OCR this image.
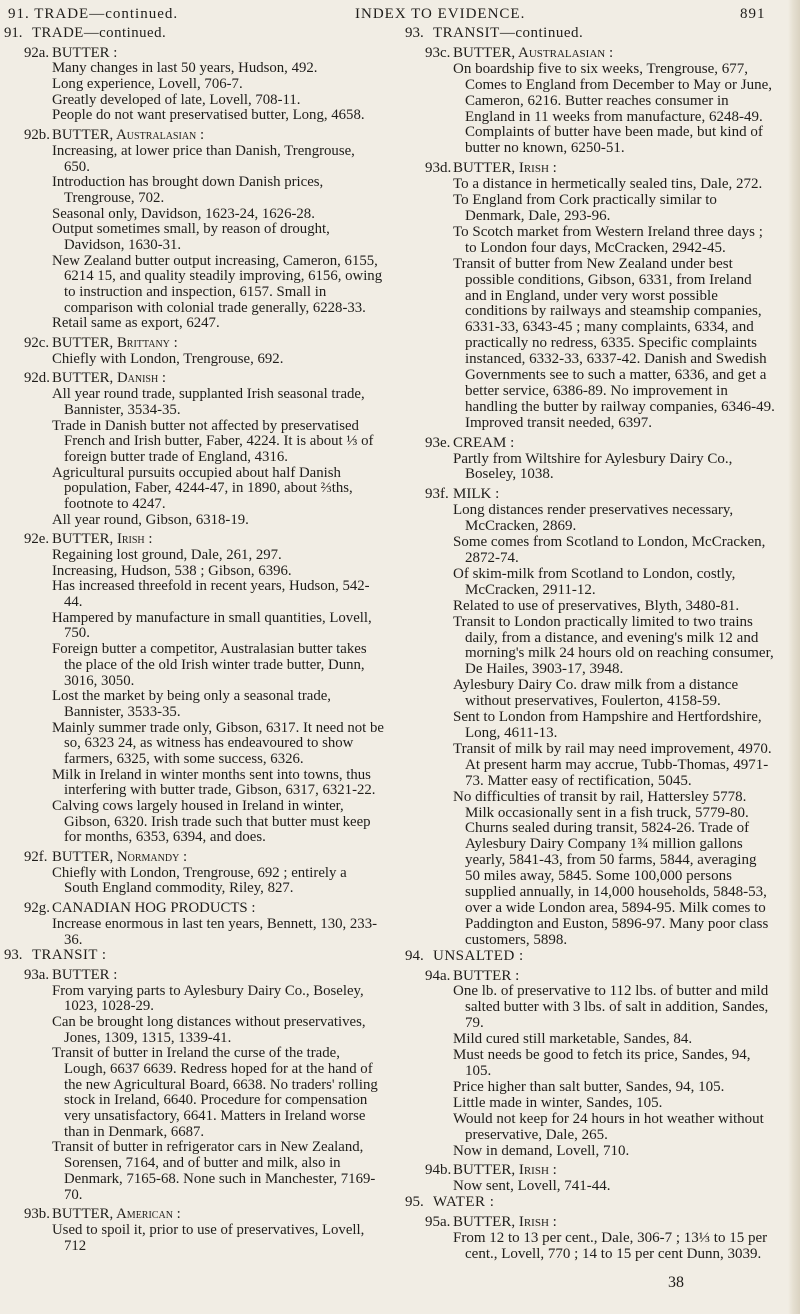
91. TRADE—continued.	INDEX TO EVIDENCE.	891
91. TRADE—continued.
92a. BUTTER :
Many changes in last 50 years, Hudson, 492.
Long experience, Lovell, 706-7.
Greatly developed of late, Lovell, 708-11.
People do not want preservatised butter, Long, 4658.
92b. BUTTER, Australasian :
Increasing, at lower price than Danish, Trengrouse, 650.
Introduction has brought down Danish prices, Trengrouse, 702.
Seasonal only, Davidson, 1623-24, 1626-28.
Output sometimes small, by reason of drought, Davidson, 1630-31.
New Zealand butter output increasing, Cameron, 6155, 6214 15, and quality steadily improving, 6156, owing to instruction and inspection, 6157. Small in comparison with colonial trade generally, 6228-33.
Retail same as export, 6247.
92c. BUTTER, Brittany :
Chiefly with London, Trengrouse, 692.
92d. BUTTER, Danish :
All year round trade, supplanted Irish seasonal trade, Bannister, 3534-35.
Trade in Danish butter not affected by preservatised French and Irish butter, Faber, 4224. It is about ⅓ of foreign butter trade of England, 4316.
Agricultural pursuits occupied about half Danish population, Faber, 4244-47, in 1890, about ⅔ths, footnote to 4247.
All year round, Gibson, 6318-19.
92e. BUTTER, Irish :
Regaining lost ground, Dale, 261, 297.
Increasing, Hudson, 538 ; Gibson, 6396.
Has increased threefold in recent years, Hudson, 542-44.
Hampered by manufacture in small quantities, Lovell, 750.
Foreign butter a competitor, Australasian butter takes the place of the old Irish winter trade butter, Dunn, 3016, 3050.
Lost the market by being only a seasonal trade, Bannister, 3533-35.
Mainly summer trade only, Gibson, 6317. It need not be so, 6323 24, as witness has endeavoured to show farmers, 6325, with some success, 6326.
Milk in Ireland in winter months sent into towns, thus interfering with butter trade, Gibson, 6317, 6321-22.
Calving cows largely housed in Ireland in winter, Gibson, 6320. Irish trade such that butter must keep for months, 6353, 6394, and does.
92f. BUTTER, Normandy :
Chiefly with London, Trengrouse, 692 ; entirely a South England commodity, Riley, 827.
92g. CANADIAN HOG PRODUCTS :
Increase enormous in last ten years, Bennett, 130, 233-36.
93. TRANSIT :
93a. BUTTER :
From varying parts to Aylesbury Dairy Co., Boseley, 1023, 1028-29.
Can be brought long distances without preservatives, Jones, 1309, 1315, 1339-41.
Transit of butter in Ireland the curse of the trade, Lough, 6637 6639. Redress hoped for at the hand of the new Agricultural Board, 6638. No traders' rolling stock in Ireland, 6640. Procedure for compensation very unsatisfactory, 6641. Matters in Ireland worse than in Denmark, 6687.
Transit of butter in refrigerator cars in New Zealand, Sorensen, 7164, and of butter and milk, also in Denmark, 7165-68. None such in Manchester, 7169-70.
93b. BUTTER, American :
Used to spoil it, prior to use of preservatives, Lovell, 712
93. TRANSIT—continued.
93c. BUTTER, Australasian :
On boardship five to six weeks, Trengrouse, 677, Comes to England from December to May or June, Cameron, 6216. Butter reaches consumer in England in 11 weeks from manufacture, 6248-49. Complaints of butter have been made, but kind of butter no known, 6250-51.
93d. BUTTER, Irish :
To a distance in hermetically sealed tins, Dale, 272.
To England from Cork practically similar to Denmark, Dale, 293-96.
To Scotch market from Western Ireland three days ; to London four days, McCracken, 2942-45.
Transit of butter from New Zealand under best possible conditions, Gibson, 6331, from Ireland and in England, under very worst possible conditions by railways and steamship companies, 6331-33, 6343-45 ; many complaints, 6334, and practically no redress, 6335. Specific complaints instanced, 6332-33, 6337-42. Danish and Swedish Governments see to such a matter, 6336, and get a better service, 6386-89. No improvement in handling the butter by railway companies, 6346-49. Improved transit needed, 6397.
93e. CREAM :
Partly from Wiltshire for Aylesbury Dairy Co., Boseley, 1038.
93f. MILK :
Long distances render preservatives necessary, McCracken, 2869.
Some comes from Scotland to London, McCracken, 2872-74.
Of skim-milk from Scotland to London, costly, McCracken, 2911-12.
Related to use of preservatives, Blyth, 3480-81.
Transit to London practically limited to two trains daily, from a distance, and evening's milk 12 and morning's milk 24 hours old on reaching consumer, De Hailes, 3903-17, 3948.
Aylesbury Dairy Co. draw milk from a distance without preservatives, Foulerton, 4158-59.
Sent to London from Hampshire and Hertfordshire, Long, 4611-13.
Transit of milk by rail may need improvement, 4970. At present harm may accrue, Tubb-Thomas, 4971-73. Matter easy of rectification, 5045.
No difficulties of transit by rail, Hattersley 5778. Milk occasionally sent in a fish truck, 5779-80. Churns sealed during transit, 5824-26. Trade of Aylesbury Dairy Company 1¾ million gallons yearly, 5841-43, from 50 farms, 5844, averaging 50 miles away, 5845. Some 100,000 persons supplied annually, in 14,000 households, 5848-53, over a wide London area, 5894-95. Milk comes to Paddington and Euston, 5896-97. Many poor class customers, 5898.
94. UNSALTED :
94a. BUTTER :
One lb. of preservative to 112 lbs. of butter and mild salted butter with 3 lbs. of salt in addition, Sandes, 79.
Mild cured still marketable, Sandes, 84.
Must needs be good to fetch its price, Sandes, 94, 105.
Price higher than salt butter, Sandes, 94, 105.
Little made in winter, Sandes, 105.
Would not keep for 24 hours in hot weather without preservative, Dale, 265.
Now in demand, Lovell, 710.
94b. BUTTER, Irish :
Now sent, Lovell, 741-44.
95. WATER :
95a. BUTTER, Irish :
From 12 to 13 per cent., Dale, 306-7 ; 13⅓ to 15 per cent., Lovell, 770 ; 14 to 15 per cent Dunn, 3039.
38
